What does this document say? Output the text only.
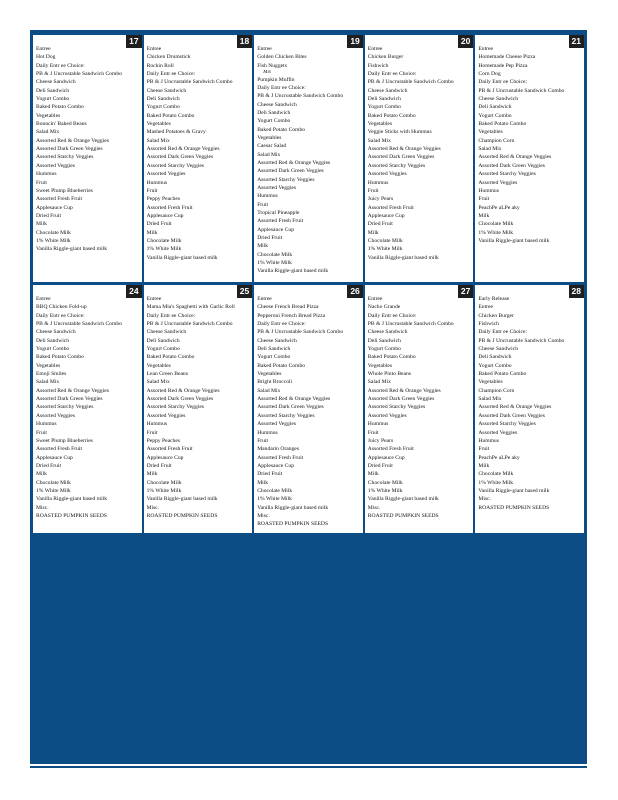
17
Entree
Hot Dog
Daily Entr ee Choice:
PB & J Uncrustable Sandwich Combo
Cheese Sandwich
Deli Sandwich
Yogurt Combo
Baked Potato Combo
Vegetables
Bouncin' Baked Beans
Salad Mix
Assorted Red & Orange Veggies
Assorted Dark Green Veggies
Assorted Starchy Veggies
Assorted Veggies
Hummus
Fruit
Sweet Plump Blueberries
Assorted Fresh Fruit
Applesauce Cup
Dried Fruit
Milk
Chocolate Milk
1% White Milk
Vanilla Riggle-giant based milk
18
Entree
Chicken Drumstick
Rockin Roll
Daily Entr ee Choice:
PB & J Uncrustable Sandwich Combo
Cheese Sandwich
Deli Sandwich
Yogurt Combo
Baked Potato Combo
Vegetables
Mashed Potatoes & Gravy
Salad Mix
Assorted Red & Orange Veggies
Assorted Dark Green Veggies
Assorted Starchy Veggies
Assorted Veggies
Hummus
Fruit
Peppy Peaches
Assorted Fresh Fruit
Applesauce Cup
Dried Fruit
Milk
Chocolate Milk
1% White Milk
Vanilla Riggle-giant based milk
19
Entree
Golden Chicken Bites
Fish Nuggets
Mix
Pumpkin Muffin
Daily Entr ee Choice:
PB & J Uncrustable Sandwich Combo
Cheese Sandwich
Deli Sandwich
Yogurt Combo
Baked Potato Combo
Vegetables
Caesar Salad
Salad Mix
Assorted Red & Orange Veggies
Assorted Dark Green Veggies
Assorted Starchy Veggies
Assorted Veggies
Hummus
Fruit
Tropical Pineapple
Assorted Fresh Fruit
Applesauce Cup
Dried Fruit
Milk
Chocolate Milk
1% White Milk
Vanilla Riggle-giant based milk
20
Entree
Chicken Burger
Fishwich
Daily Entr ee Choice:
PB & J Uncrustable Sandwich Combo
Cheese Sandwich
Deli Sandwich
Yogurt Combo
Baked Potato Combo
Vegetables
Veggie Sticks with Hummus
Salad Mix
Assorted Red & Orange Veggies
Assorted Dark Green Veggies
Assorted Starchy Veggies
Assorted Veggies
Hummus
Fruit
Juicy Pears
Assorted Fresh Fruit
Applesauce Cup
Dried Fruit
Milk
Chocolate Milk
1% White Milk
Vanilla Riggle-giant based milk
21
Entree
Homemade Cheese Pizza
Homemade Pep Pizza
Corn Dog
Daily Entr ee Choice:
PB & J Uncrustable Sandwich Combo
Cheese Sandwich
Deli Sandwich
Yogurt Combo
Baked Potato Combo
Vegetables
Champion Corn
Salad Mix
Assorted Red & Orange Veggies
Assorted Dark Green Veggies
Assorted Starchy Veggies
Assorted Veggies
Hummus
Fruit
PeachPe aLPe aky
Milk
Chocolate Milk
1% White Milk
Vanilla Riggle-giant based milk
24
Entree
BBQ Chicken Fold-up
Daily Entr ee Choice:
PB & J Uncrustable Sandwich Combo
Cheese Sandwich
Deli Sandwich
Yogurt Combo
Baked Potato Combo
Vegetables
Emoji Smiles
Salad Mix
Assorted Red & Orange Veggies
Assorted Dark Green Veggies
Assorted Starchy Veggies
Assorted Veggies
Hummus
Fruit
Sweet Plump Blueberries
Assorted Fresh Fruit
Applesauce Cup
Dried Fruit
Milk
Chocolate Milk
1% White Milk
Vanilla Riggle-giant based milk
Misc.
ROASTED PUMPKIN SEEDS
25
Entree
Mama Mia's Spaghetti with Garlic Roll
Daily Entr ee Choice:
PB & J Uncrustable Sandwich Combo
Cheese Sandwich
Deli Sandwich
Yogurt Combo
Baked Potato Combo
Vegetables
Lean Green Beans
Salad Mix
Assorted Red & Orange Veggies
Assorted Dark Green Veggies
Assorted Starchy Veggies
Assorted Veggies
Hummus
Fruit
Peppy Peaches
Assorted Fresh Fruit
Applesauce Cup
Dried Fruit
Milk
Chocolate Milk
1% White Milk
Vanilla Riggle-giant based milk
Misc.
ROASTED PUMPKIN SEEDS
26
Entree
Cheese French Bread Pizza
Pepperoni French Bread Pizza
Daily Entr ee Choice:
PB & J Uncrustable Sandwich Combo
Cheese Sandwich
Deli Sandwich
Yogurt Combo
Baked Potato Combo
Vegetables
Bright Broccoli
Salad Mix
Assorted Red & Orange Veggies
Assorted Dark Green Veggies
Assorted Starchy Veggies
Assorted Veggies
Hummus
Fruit
Mandarin Oranges
Assorted Fresh Fruit
Applesauce Cup
Dried Fruit
Milk
Chocolate Milk
1% White Milk
Vanilla Riggle-giant based milk
Misc.
ROASTED PUMPKIN SEEDS
27
Entree
Nacho Grande
Daily Entr ee Choice:
PB & J Uncrustable Sandwich Combo
Cheese Sandwich
Deli Sandwich
Yogurt Combo
Baked Potato Combo
Vegetables
Whole Pinto Beans
Salad Mix
Assorted Red & Orange Veggies
Assorted Dark Green Veggies
Assorted Starchy Veggies
Assorted Veggies
Hummus
Fruit
Juicy Pears
Assorted Fresh Fruit
Applesauce Cup
Dried Fruit
Milk
Chocolate Milk
1% White Milk
Vanilla Riggle-giant based milk
Misc.
ROASTED PUMPKIN SEEDS
28
Early Release
Entree
Chicken Burger
Fishwich
Daily Entr ee Choice:
PB & J Uncrustable Sandwich Combo
Cheese Sandwich
Deli Sandwich
Yogurt Combo
Baked Potato Combo
Vegetables
Champion Corn
Salad Mix
Assorted Red & Orange Veggies
Assorted Dark Green Veggies
Assorted Starchy Veggies
Assorted Veggies
Hummus
Fruit
PeachPe aLPe aky
Milk
Chocolate Milk
1% White Milk
Vanilla Riggle-giant based milk
Misc.
ROASTED PUMPKIN SEEDS
